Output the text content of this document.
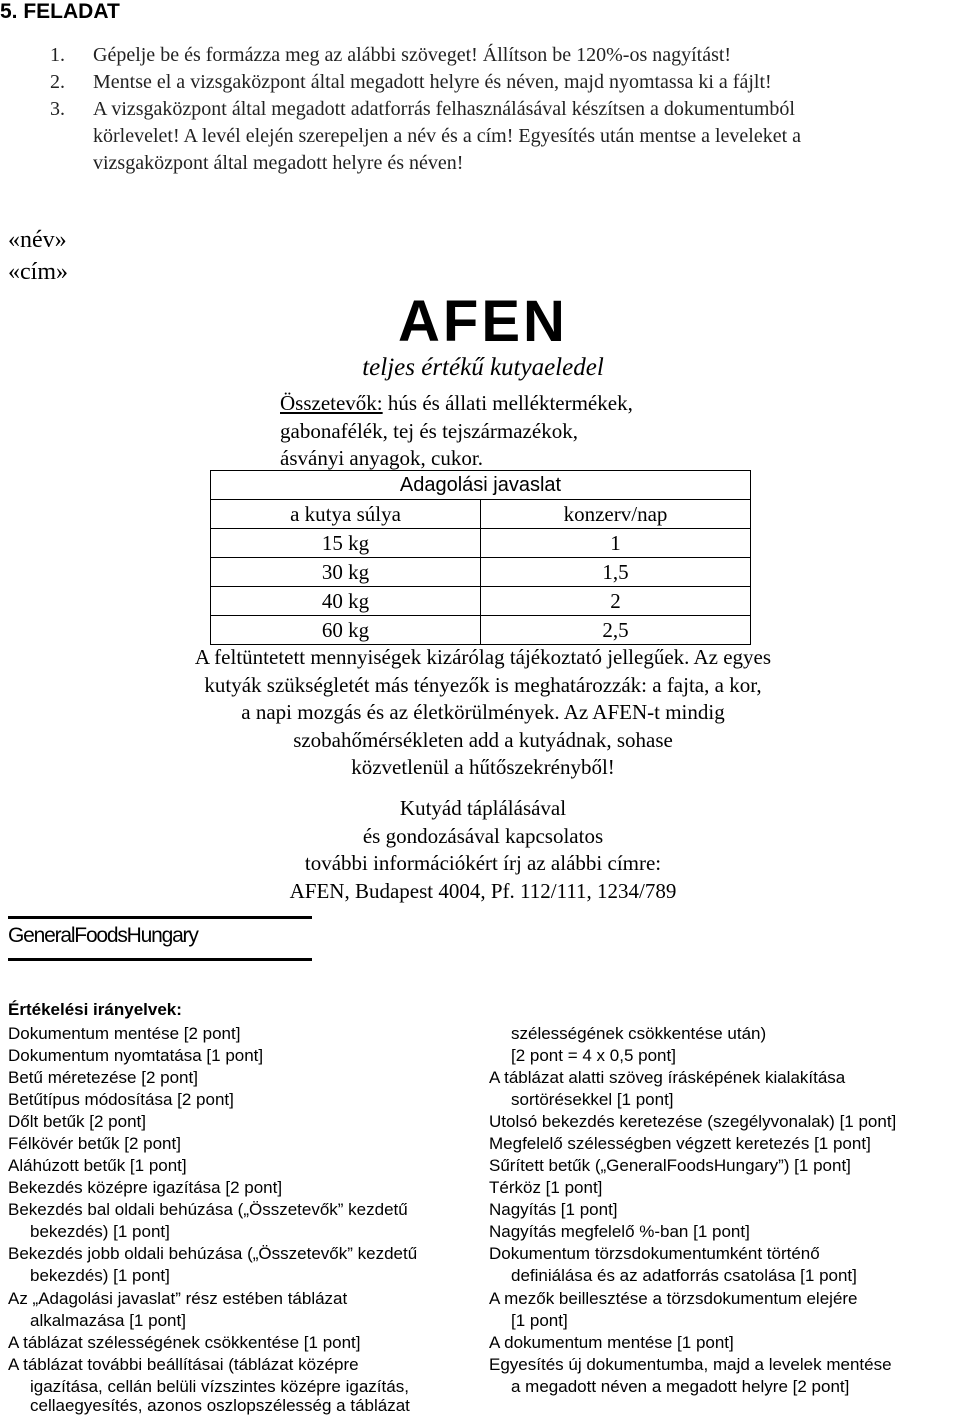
5. FELADAT
1. Gépelje be és formázza meg az alábbi szöveget! Állítson be 120%-os nagyítást!
2. Mentse el a vizsgaközpont által megadott helyre és néven, majd nyomtassa ki a fájlt!
3. A vizsgaközpont által megadott adatforrás felhasználásával készítsen a dokumentumból
körlevelet! A levél elején szerepeljen a név és a cím! Egyesítés után mentse a leveleket a
vizsgaközpont által megadott helyre és néven!
«név»
«cím»
AFEN
teljes értékű kutyaeledel
Összetevők: hús és állati melléktermékek,
gabonafélék, tej és tejszármazékok,
ásványi anyagok, cukor.
Adagolási javaslat	
a kutya súlya	konzerv/nap
15 kg	1
30 kg	1,5
40 kg	2
60 kg	2,5
A feltüntetett mennyiségek kizárólag tájékoztató jellegűek. Az egyes
kutyák szükségletét más tényezők is meghatározzák: a fajta, a kor,
a napi mozgás és az életkörülmények. Az AFEN-t mindig
szobahőmérsékleten add a kutyádnak, sohase
közvetlenül a hűtőszekrényből!
Kutyád táplálásával
és gondozásával kapcsolatos
további információkért írj az alábbi címre:
AFEN, Budapest 4004, Pf. 112/111, 1234/789
GeneralFoodsHungary
Értékelési irányelvek:
Dokumentum mentése [2 pont]
Dokumentum nyomtatása [1 pont]
Betű méretezése [2 pont]
Betűtípus módosítása [2 pont]
Dőlt betűk [2 pont]
Félkövér betűk [2 pont]
Aláhúzott betűk [1 pont]
Bekezdés középre igazítása [2 pont]
Bekezdés bal oldali behúzása („Összetevők” kezdetű
bekezdés) [1 pont]
Bekezdés jobb oldali behúzása („Összetevők” kezdetű
bekezdés) [1 pont]
Az „Adagolási javaslat” rész estében táblázat
alkalmazása [1 pont]
A táblázat szélességének csökkentése [1 pont]
A táblázat további beállításai (táblázat középre
igazítása, cellán belüli vízszintes középre igazítás,
cellaegyesítés, azonos oszlopszélesség a táblázat
szélességének csökkentése után)
[2 pont = 4 x 0,5 pont]
A táblázat alatti szöveg írásképének kialakítása
sortörésekkel [1 pont]
Utolsó bekezdés keretezése (szegélyvonalak) [1 pont]
Megfelelő szélességben végzett keretezés [1 pont]
Sűrített betűk („GeneralFoodsHungary”) [1 pont]
Térköz [1 pont]
Nagyítás [1 pont]
Nagyítás megfelelő %-ban [1 pont]
Dokumentum törzsdokumentumként történő
definiálása és az adatforrás csatolása [1 pont]
A mezők beillesztése a törzsdokumentum elejére
[1 pont]
A dokumentum mentése [1 pont]
Egyesítés új dokumentumba, majd a levelek mentése
a megadott néven a megadott helyre [2 pont]
